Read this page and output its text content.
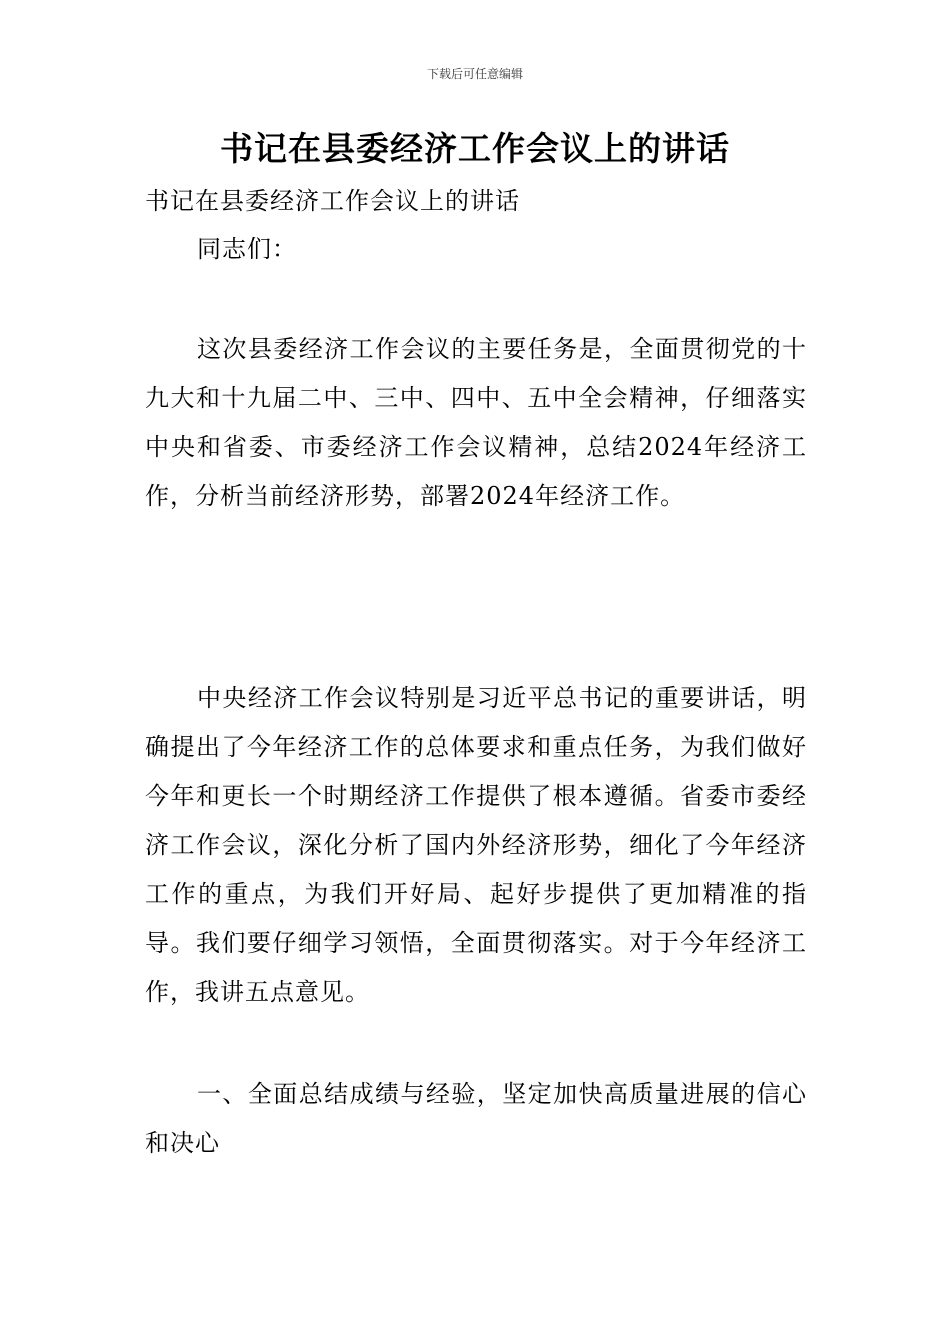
下载后可任意编辑
书记在县委经济工作会议上的讲话

书记在县委经济工作会议上的讲话

同志们：

这次县委经济工作会议的主要任务是，全面贯彻党的十九大和十九届二中、三中、四中、五中全会精神，仔细落实中央和省委、市委经济工作会议精神，总结2024年经济工作，分析当前经济形势，部署2024年经济工作。

中央经济工作会议特别是习近平总书记的重要讲话，明确提出了今年经济工作的总体要求和重点任务，为我们做好今年和更长一个时期经济工作提供了根本遵循。省委市委经济工作会议，深化分析了国内外经济形势，细化了今年经济工作的重点，为我们开好局、起好步提供了更加精准的指导。我们要仔细学习领悟，全面贯彻落实。对于今年经济工作，我讲五点意见。

一、全面总结成绩与经验，坚定加快高质量进展的信心和决心
